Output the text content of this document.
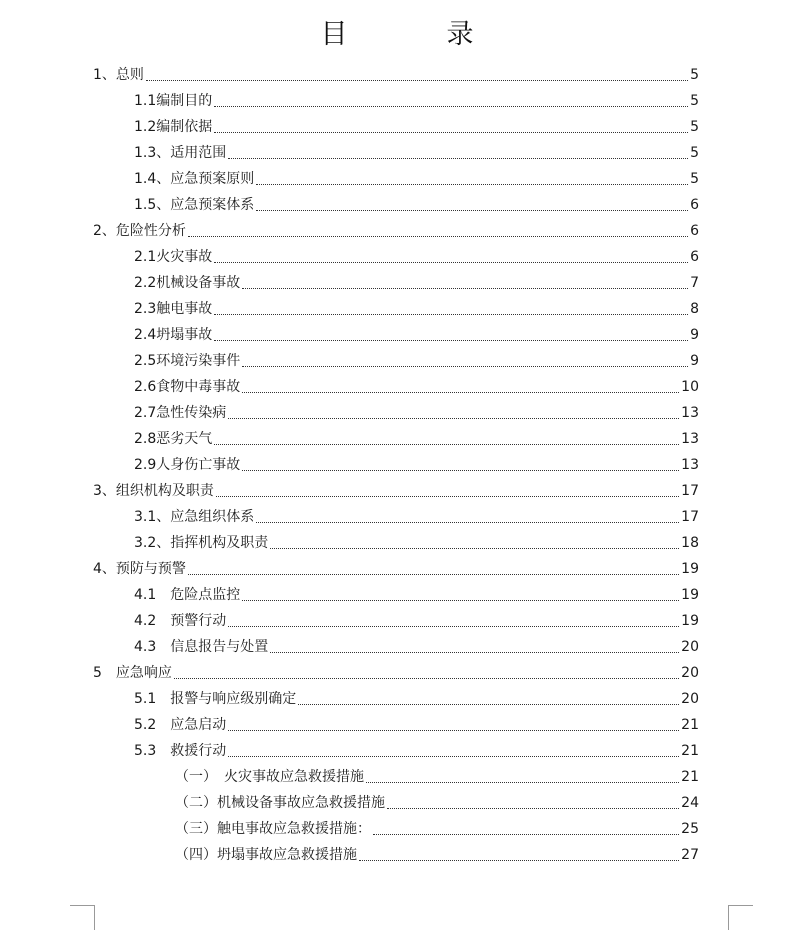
目　录
1、总则	5
1.1编制目的	5
1.2编制依据	5
1.3、适用范围	5
1.4、应急预案原则	5
1.5、应急预案体系	6
2、危险性分析	6
2.1火灾事故	6
2.2机械设备事故	7
2.3触电事故	8
2.4坍塌事故	9
2.5环境污染事件	9
2.6食物中毒事故	10
2.7急性传染病	13
2.8恶劣天气	13
2.9人身伤亡事故	13
3、组织机构及职责	17
3.1、应急组织体系	17
3.2、指挥机构及职责	18
4、预防与预警	19
4.1　危险点监控	19
4.2　预警行动	19
4.3　信息报告与处置	20
5　应急响应	20
5.1　报警与响应级别确定	20
5.2　应急启动	21
5.3　救援行动	21
（一）　火灾事故应急救援措施	21
（二）机械设备事故应急救援措施	24
（三）触电事故应急救援措施：	25
（四）坍塌事故应急救援措施	27
